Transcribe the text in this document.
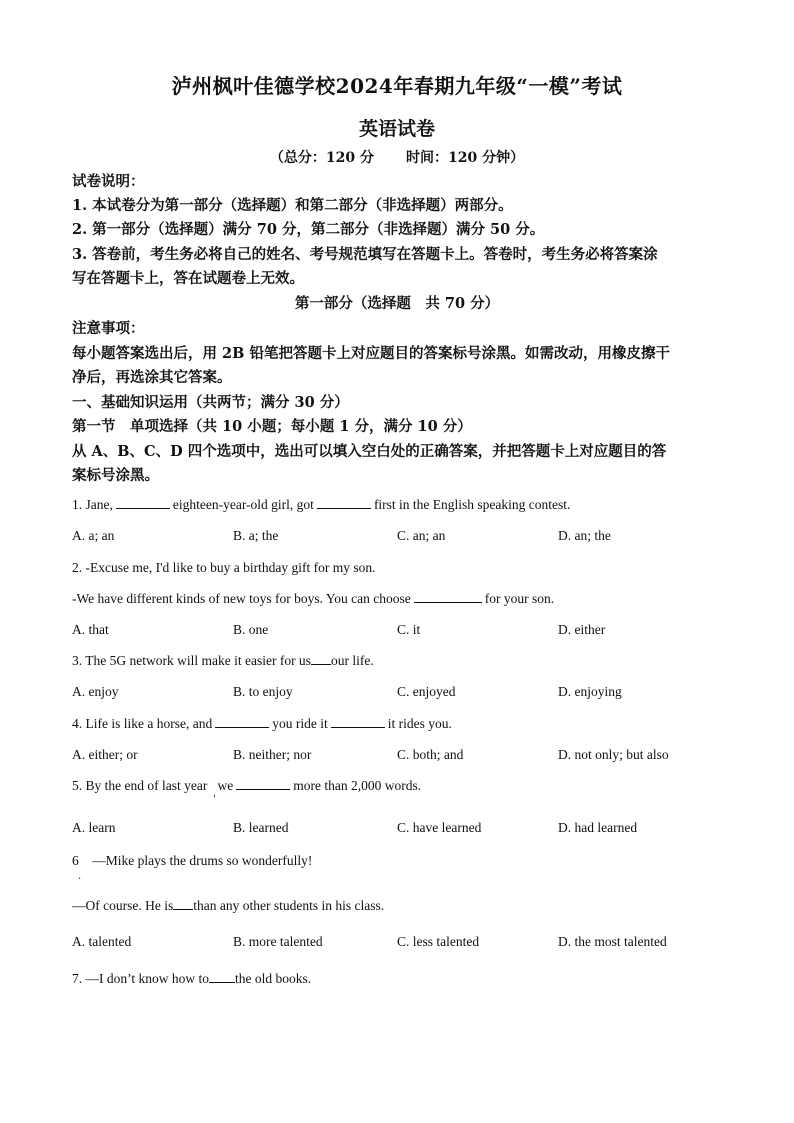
泸州枫叶佳德学校2024年春期九年级“一模”考试
英语试卷
（总分：120 分 时间：120 分钟）
试卷说明：
1. 本试卷分为第一部分（选择题）和第二部分（非选择题）两部分。
2. 第一部分（选择题）满分 70 分，第二部分（非选择题）满分 50 分。
3. 答卷前，考生务必将自己的姓名、考号规范填写在答题卡上。答卷时，考生务必将答案涂
写在答题卡上，答在试题卷上无效。
第一部分（选择题　共 70 分）
注意事项：
每小题答案选出后，用 2B 铅笔把答题卡上对应题目的答案标号涂黑。如需改动，用橡皮擦干
净后，再选涂其它答案。
一、基础知识运用（共两节；满分 30 分）
第一节　单项选择（共 10 小题；每小题 1 分，满分 10 分）
从 A、B、C、D 四个选项中，选出可以填入空白处的正确答案，并把答题卡上对应题目的答
案标号涂黑。
1. Jane,	eighteen-year-old girl, got	first in the English speaking contest.
A. a; an	B. a; the	C. an; an	D. an; the
2. -Excuse me, I'd like to buy a birthday gift for my son.
-We have different kinds of new toys for boys. You can choose	for your son.
A. that	B. one	C. it	D. either
3. The 5G network will make it easier for us our life.
A. enjoy	B. to enjoy	C. enjoyed	D. enjoying
4. Life is like a horse, and	you ride it	it rides you.
A. either; or	B. neither; nor	C. both; and	D. not only; but also
5. By the end of last year we	more than 2,000 words.
'
A. learn	B. learned	C. have learned	D. had learned
6　—Mike plays the drums so wonderfully!
.
—Of course. He is than any other students in his class.
A. talented	B. more talented	C. less talented	D. the most talented
7. —I don’t know how to the old books.
